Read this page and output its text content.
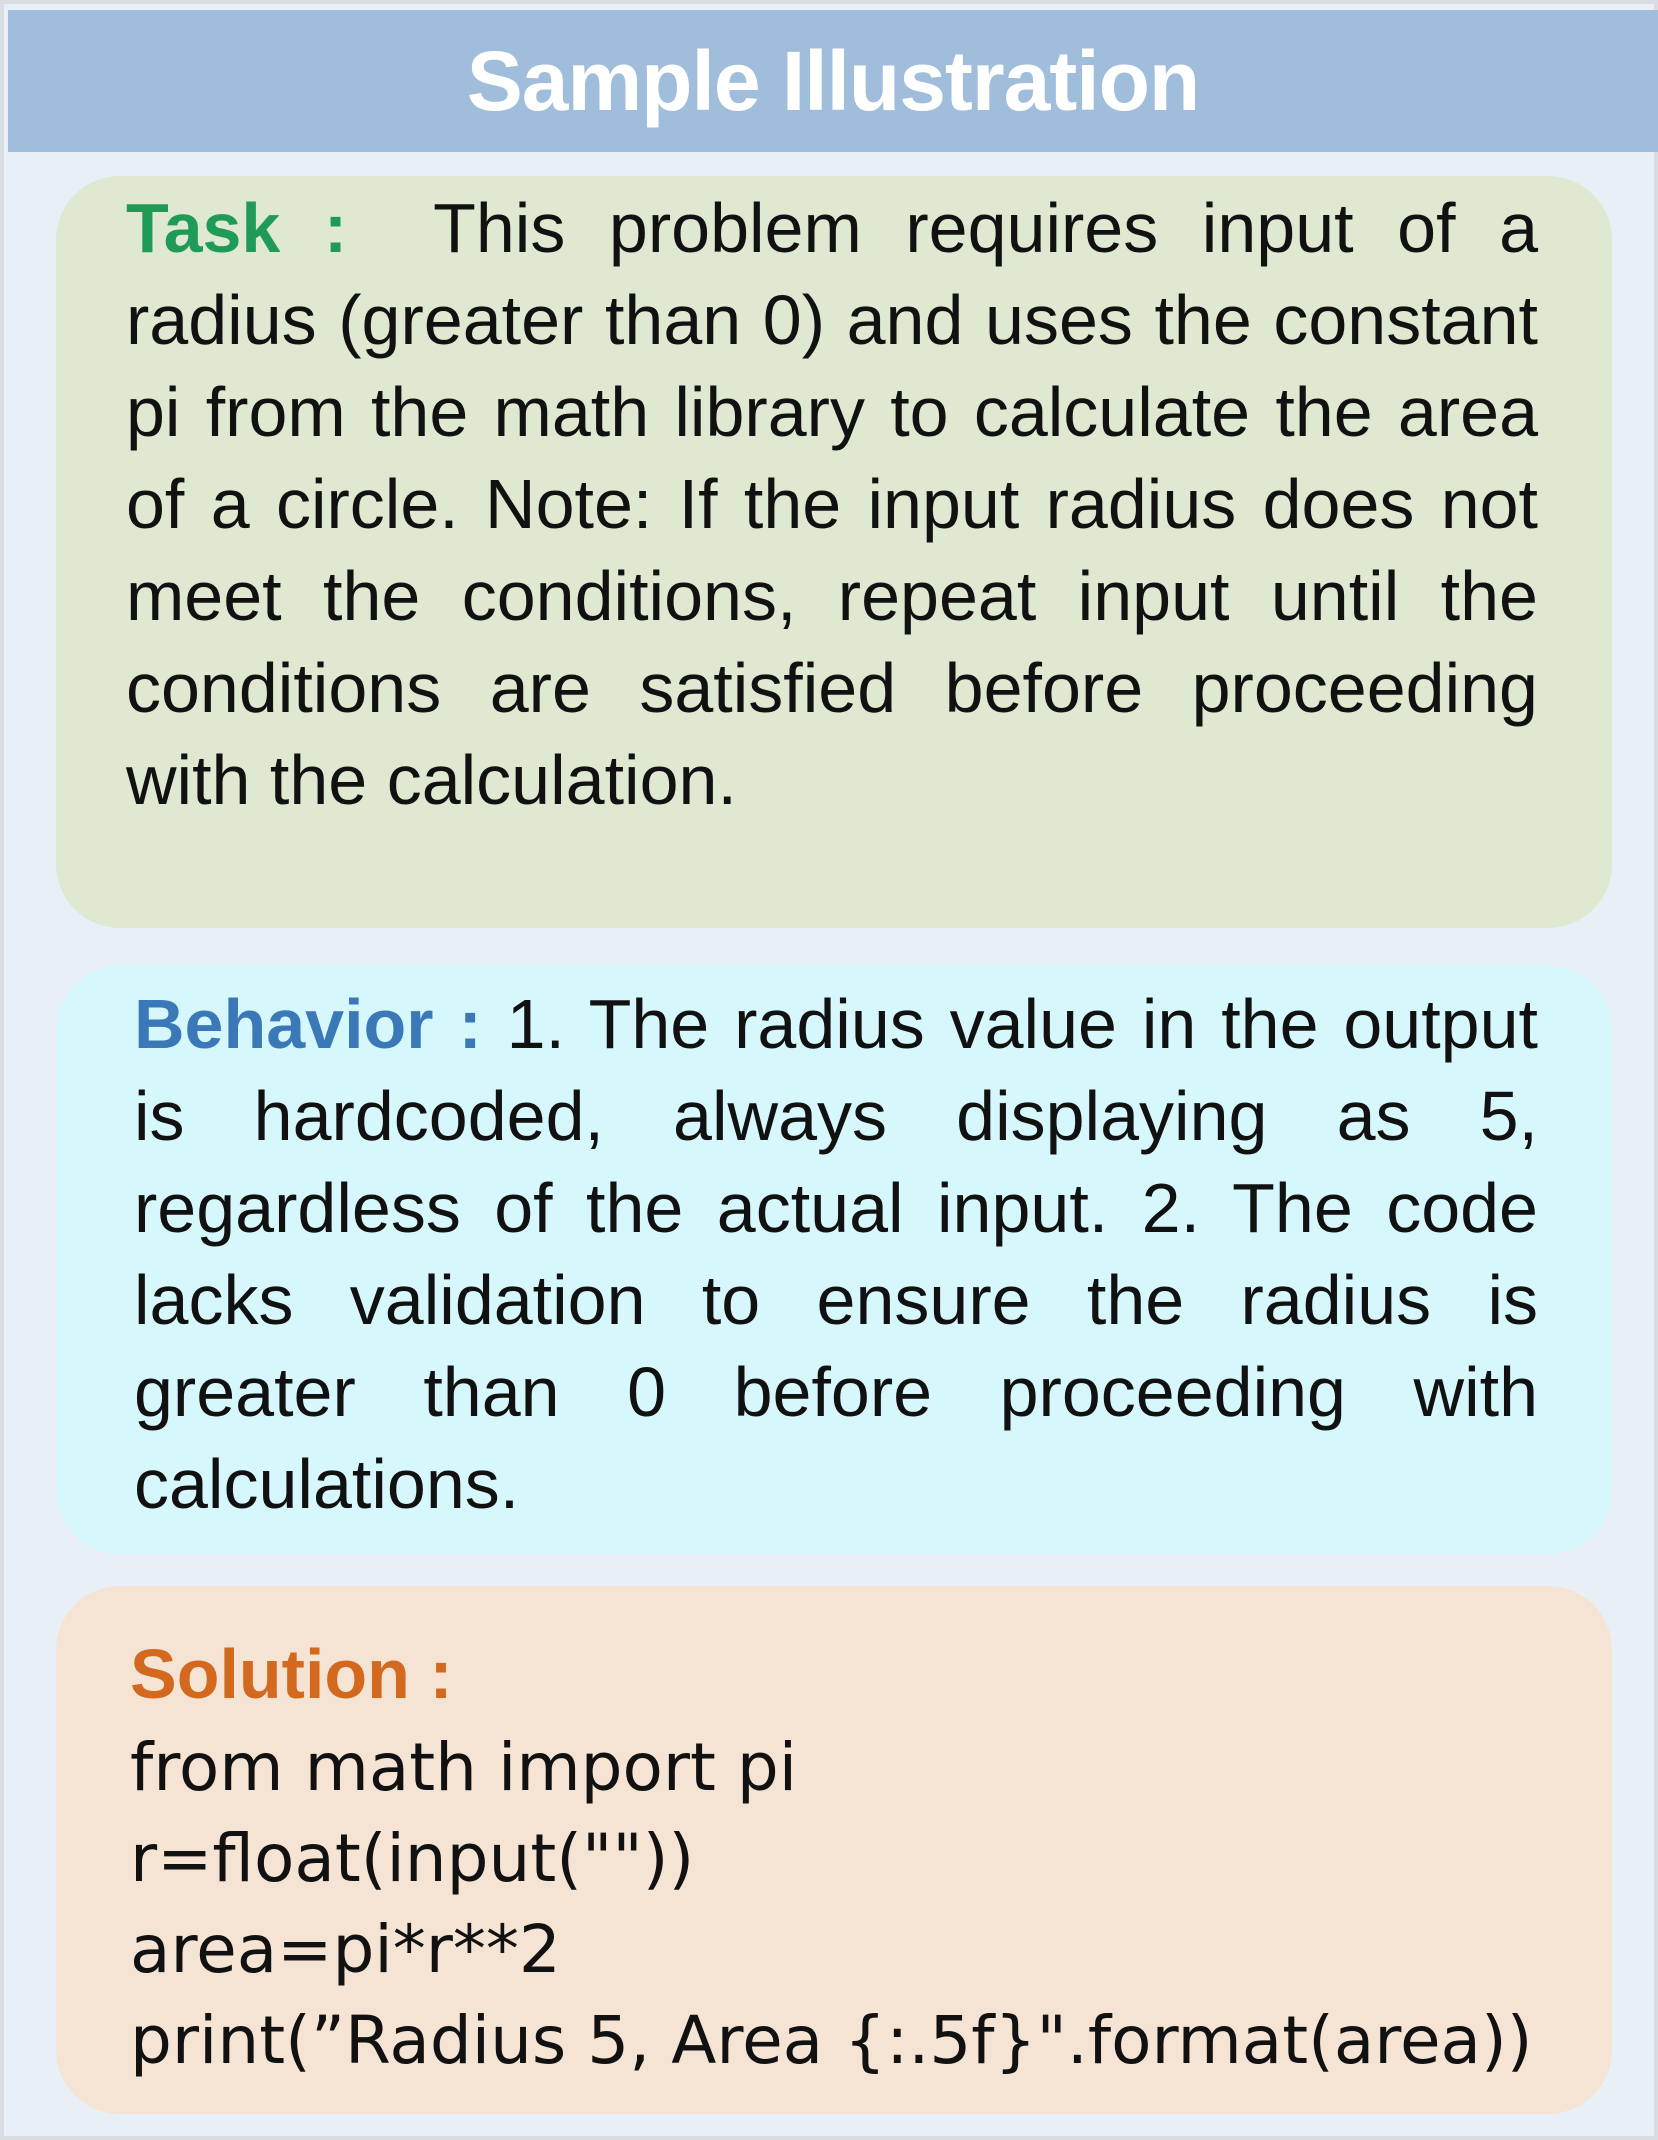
Sample Illustration

Task : This problem requires input of a radius (greater than 0) and uses the constant pi from the math library to calculate the area of a circle. Note: If the input radius does not meet the conditions, repeat input until the conditions are satisfied before proceeding with the calculation.

Behavior : 1. The radius value in the output is hardcoded, always displaying as 5, regardless of the actual input. 2. The code lacks validation to ensure the radius is greater than 0 before proceeding with calculations.

Solution :
from math import pi
r=float(input(""))
area=pi*r**2
print(”Radius 5, Area {:.5f}".format(area))
